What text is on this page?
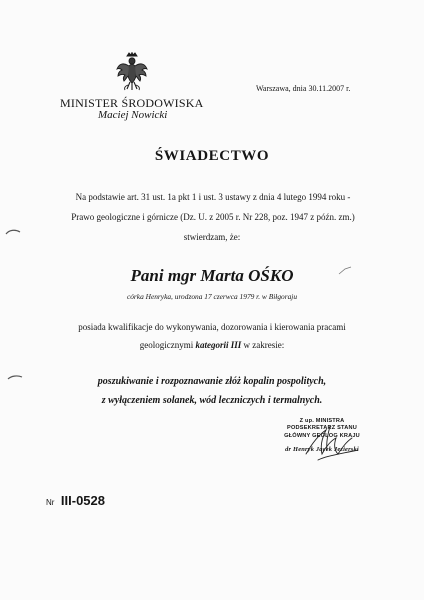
MINISTER ŚRODOWISKA
Maciej Nowicki
Warszawa, dnia 30.11.2007 r.
ŚWIADECTWO
Na podstawie art. 31 ust. 1a pkt 1 i ust. 3 ustawy z dnia 4 lutego 1994 roku -
Prawo geologiczne i górnicze (Dz. U. z 2005 r. Nr 228, poz. 1947 z późn. zm.)
stwierdzam, że:
Pani mgr Marta OŚKO
córka Henryka, urodzona 17 czerwca 1979 r. w Biłgoraju
posiada kwalifikacje do wykonywania, dozorowania i kierowania pracami
geologicznymi kategorii III w zakresie:
poszukiwanie i rozpoznawanie złóż kopalin pospolitych,
z wyłączeniem solanek, wód leczniczych i termalnych.
Z up. MINISTRA
PODSEKRETARZ STANU
GŁÓWNY GEOLOG KRAJU
dr Henryk Jacek Jezierski
Nr III-0528
